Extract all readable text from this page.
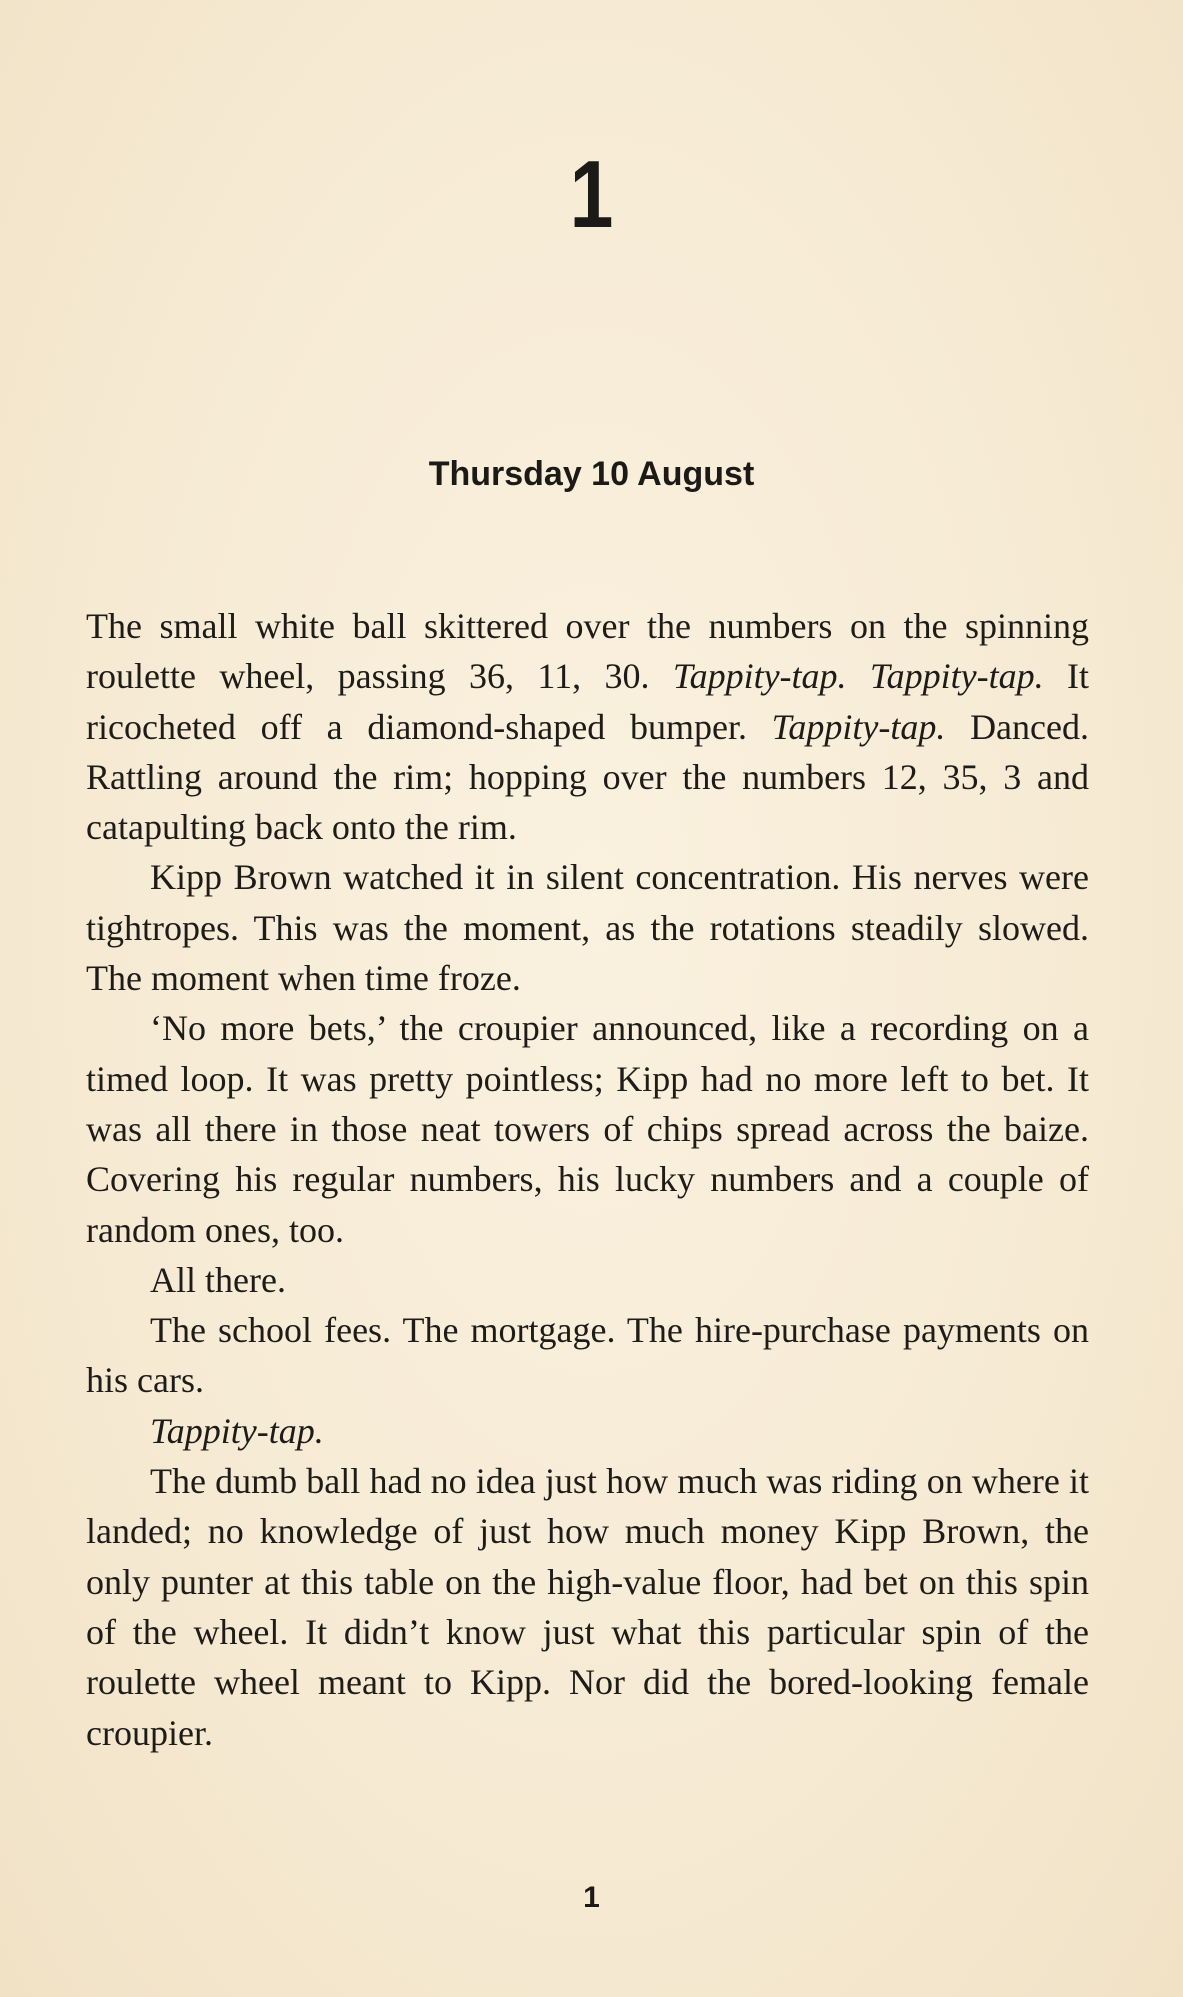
1
Thursday 10 August

The small white ball skittered over the numbers on the spinning roulette wheel, passing 36, 11, 30. Tappity-tap. Tappity-tap. It ricocheted off a diamond-shaped bumper. Tappity-tap. Danced. Rattling around the rim; hopping over the numbers 12, 35, 3 and catapulting back onto the rim.

Kipp Brown watched it in silent concentration. His nerves were tightropes. This was the moment, as the rotations steadily slowed. The moment when time froze.

‘No more bets,’ the croupier announced, like a recording on a timed loop. It was pretty pointless; Kipp had no more left to bet. It was all there in those neat towers of chips spread across the baize. Covering his regular numbers, his lucky numbers and a couple of random ones, too.

All there.

The school fees. The mortgage. The hire-purchase payments on his cars.

Tappity-tap.

The dumb ball had no idea just how much was riding on where it landed; no knowledge of just how much money Kipp Brown, the only punter at this table on the high-value floor, had bet on this spin of the wheel. It didn’t know just what this particular spin of the roulette wheel meant to Kipp. Nor did the bored-looking female croupier.

1
